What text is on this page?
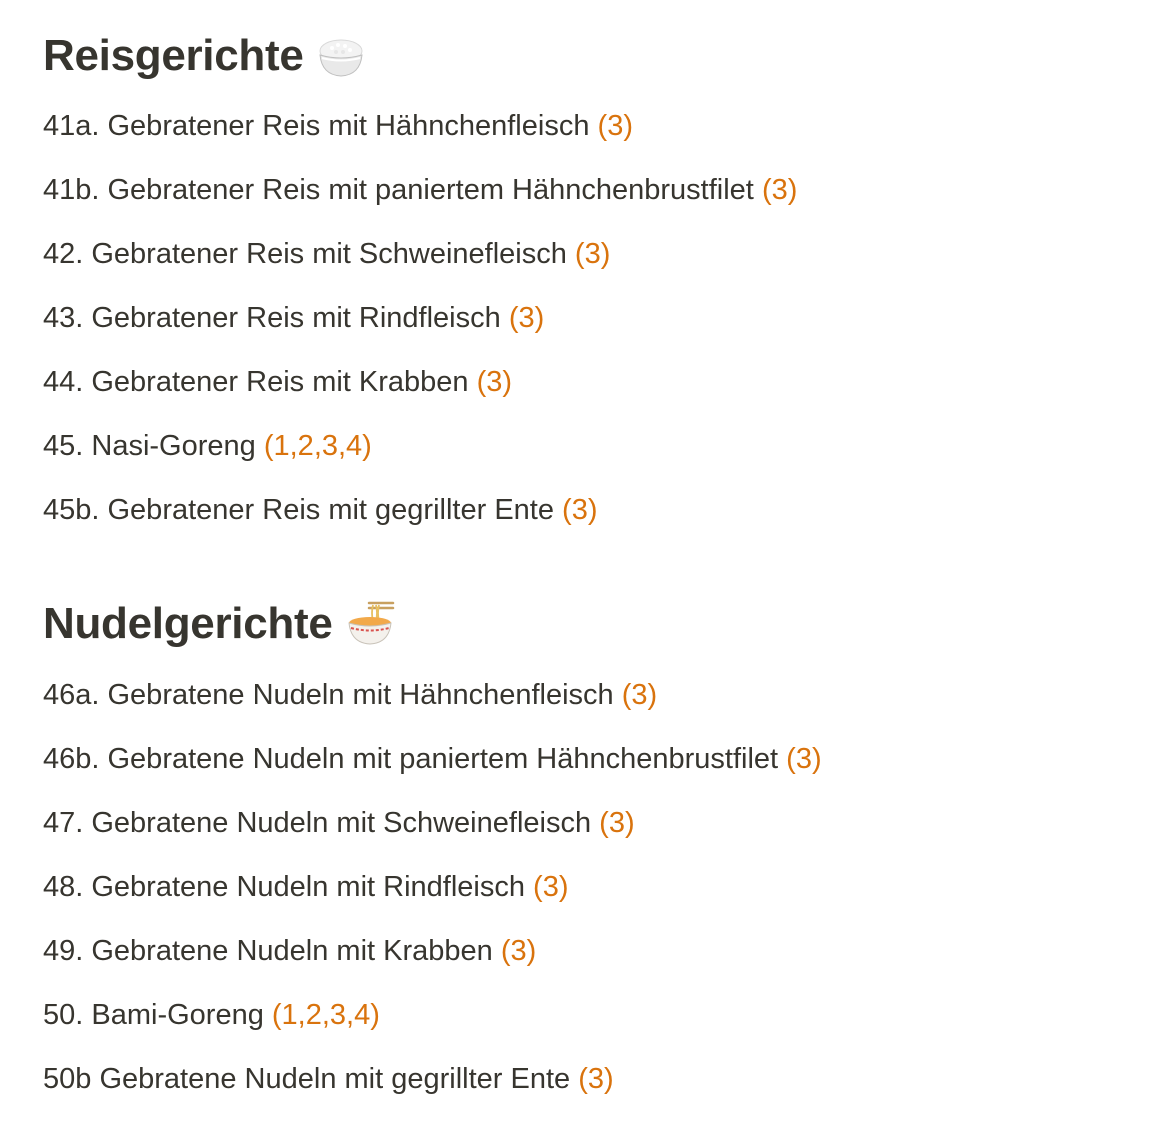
Reisgerichte
41a. Gebratener Reis mit Hähnchenfleisch (3)
41b. Gebratener Reis mit paniertem Hähnchenbrustfilet (3)
42. Gebratener Reis mit Schweinefleisch (3)
43. Gebratener Reis mit Rindfleisch (3)
44. Gebratener Reis mit Krabben (3)
45. Nasi-Goreng (1,2,3,4)
45b. Gebratener Reis mit gegrillter Ente (3)
Nudelgerichte
46a. Gebratene Nudeln mit Hähnchenfleisch (3)
46b. Gebratene Nudeln mit paniertem Hähnchenbrustfilet (3)
47. Gebratene Nudeln mit Schweinefleisch (3)
48. Gebratene Nudeln mit Rindfleisch (3)
49. Gebratene Nudeln mit Krabben (3)
50. Bami-Goreng (1,2,3,4)
50b Gebratene Nudeln mit gegrillter Ente (3)
